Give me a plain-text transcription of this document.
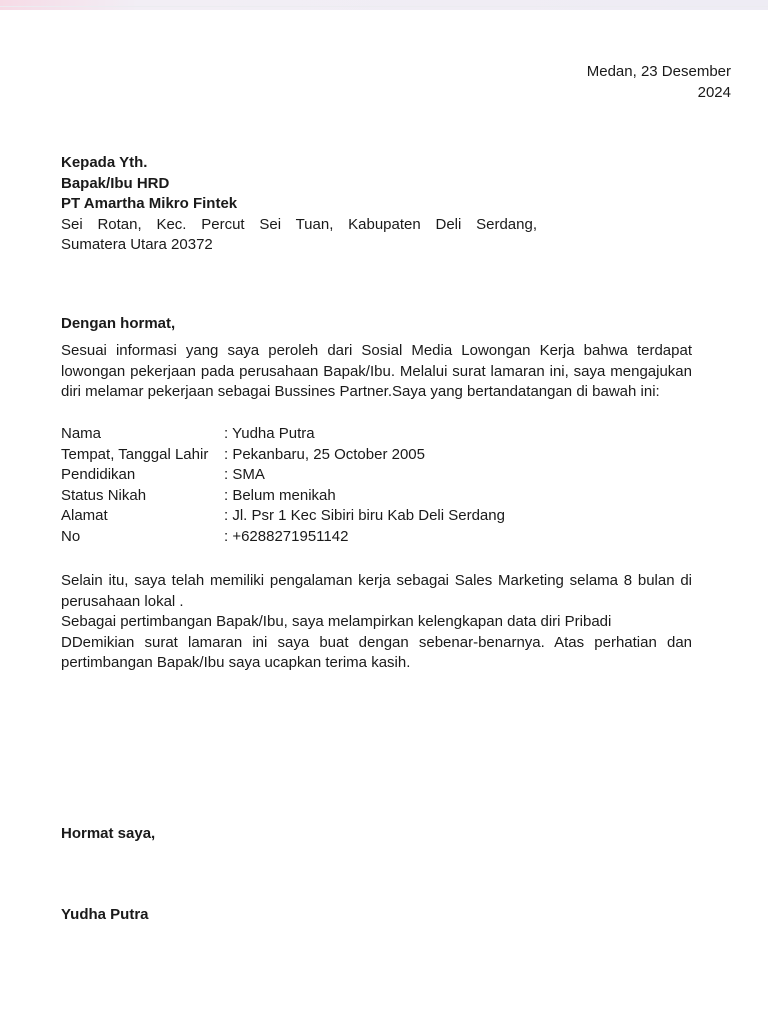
Medan, 23 Desember
2024
Kepada Yth.
Bapak/Ibu HRD
PT Amartha Mikro Fintek
Sei Rotan, Kec. Percut Sei Tuan, Kabupaten Deli Serdang,
Sumatera Utara 20372
Dengan hormat,
Sesuai informasi yang saya peroleh dari Sosial Media Lowongan Kerja bahwa terdapat lowongan pekerjaan pada perusahaan Bapak/Ibu. Melalui surat lamaran ini, saya mengajukan diri melamar pekerjaan sebagai Bussines Partner.Saya yang bertandatangan di bawah ini:
Nama	: Yudha Putra
Tempat, Tanggal Lahir	: Pekanbaru, 25 October 2005
Pendidikan	: SMA
Status Nikah	: Belum menikah
Alamat	: Jl. Psr 1 Kec Sibiri biru Kab Deli Serdang
No	: +6288271951142
Selain itu, saya telah memiliki pengalaman kerja sebagai Sales Marketing selama 8 bulan di perusahaan lokal .
Sebagai pertimbangan Bapak/Ibu, saya melampirkan kelengkapan data diri Pribadi
DDemikian surat lamaran ini saya buat dengan sebenar-benarnya. Atas perhatian dan pertimbangan Bapak/Ibu saya ucapkan terima kasih.
Hormat saya,
Yudha Putra
